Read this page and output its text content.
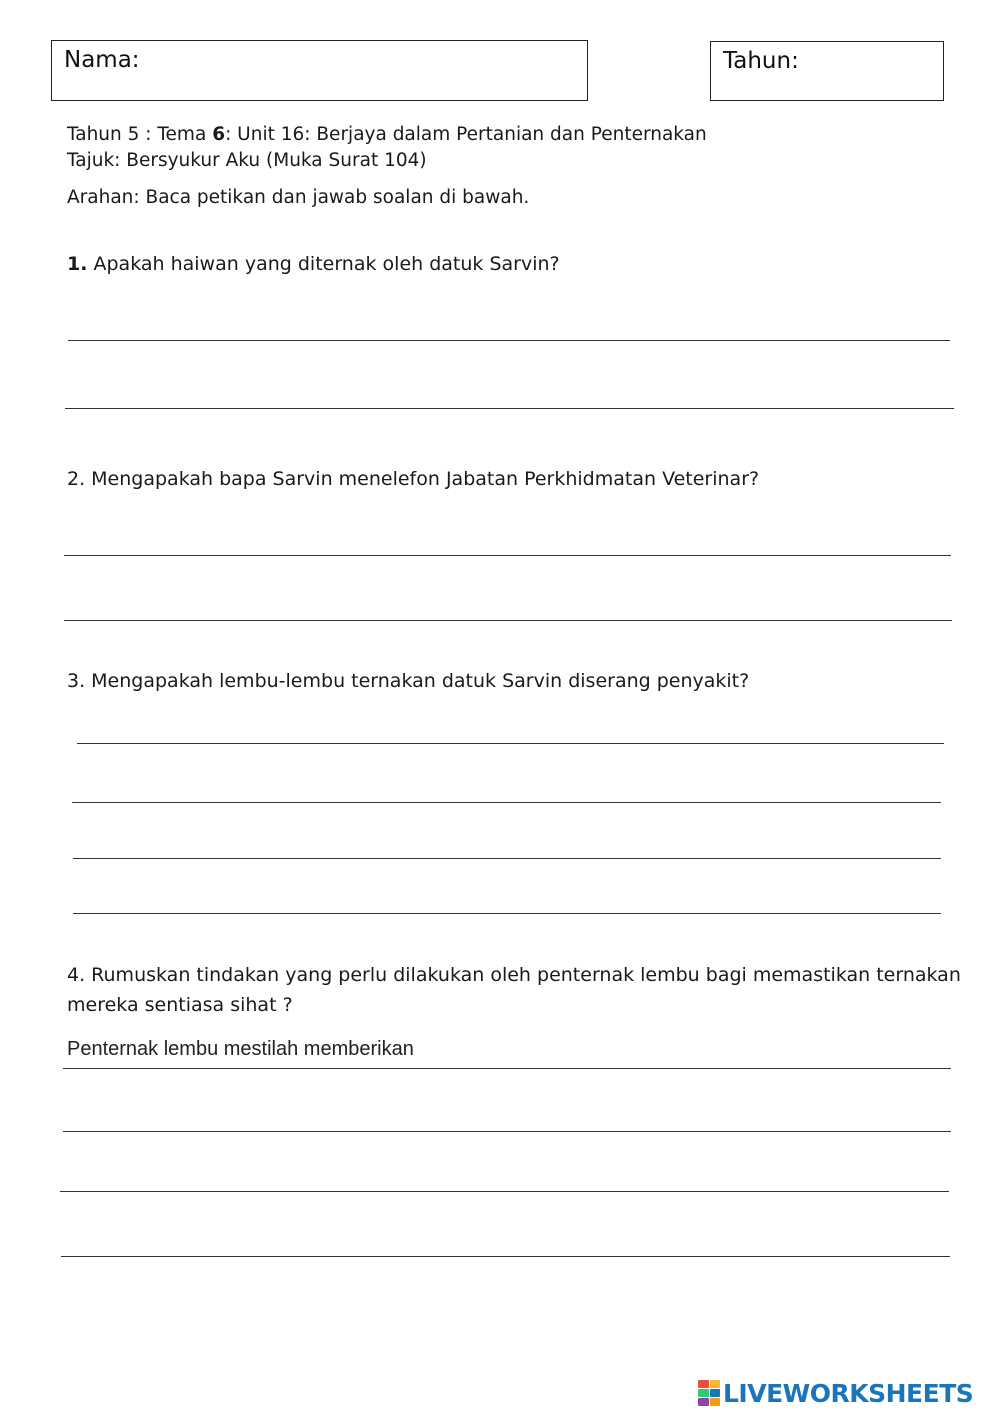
Nama:	Tahun:
Tahun 5 : Tema 6: Unit 16: Berjaya dalam Pertanian dan Penternakan
Tajuk: Bersyukur Aku (Muka Surat 104)
Arahan: Baca petikan dan jawab soalan di bawah.
1. Apakah haiwan yang diternak oleh datuk Sarvin?
2. Mengapakah bapa Sarvin menelefon Jabatan Perkhidmatan Veterinar?
3. Mengapakah lembu-lembu ternakan datuk Sarvin diserang penyakit?
4. Rumuskan tindakan yang perlu dilakukan oleh penternak lembu bagi memastikan ternakan
mereka sentiasa sihat ?
Penternak lembu mestilah memberikan
LIVEWORKSHEETS
